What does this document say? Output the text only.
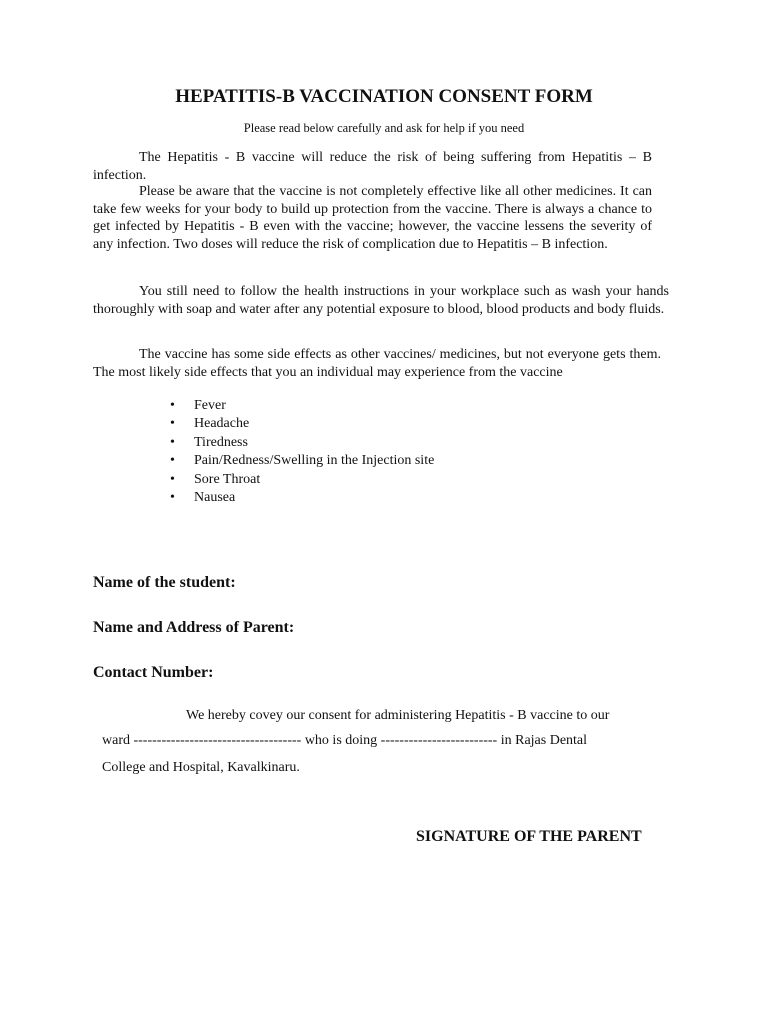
HEPATITIS-B VACCINATION CONSENT FORM

Please read below carefully and ask for help if you need

The Hepatitis - B vaccine will reduce the risk of being suffering from Hepatitis – B infection.

Please be aware that the vaccine is not completely effective like all other medicines. It can take few weeks for your body to build up protection from the vaccine. There is always a chance to get infected by Hepatitis - B even with the vaccine; however, the vaccine lessens the severity of any infection. Two doses will reduce the risk of complication due to Hepatitis – B infection.

You still need to follow the health instructions in your workplace such as wash your hands thoroughly with soap and water after any potential exposure to blood, blood products and body fluids.

The vaccine has some side effects as other vaccines/ medicines, but not everyone gets them. The most likely side effects that you an individual may experience from the vaccine

• Fever
• Headache
• Tiredness
• Pain/Redness/Swelling in the Injection site
• Sore Throat
• Nausea

Name of the student:

Name and Address of Parent:

Contact Number:

We hereby covey our consent for administering Hepatitis - B vaccine to our

ward ------------------------------------ who is doing ------------------------- in Rajas Dental

College and Hospital, Kavalkinaru.

SIGNATURE OF THE PARENT
